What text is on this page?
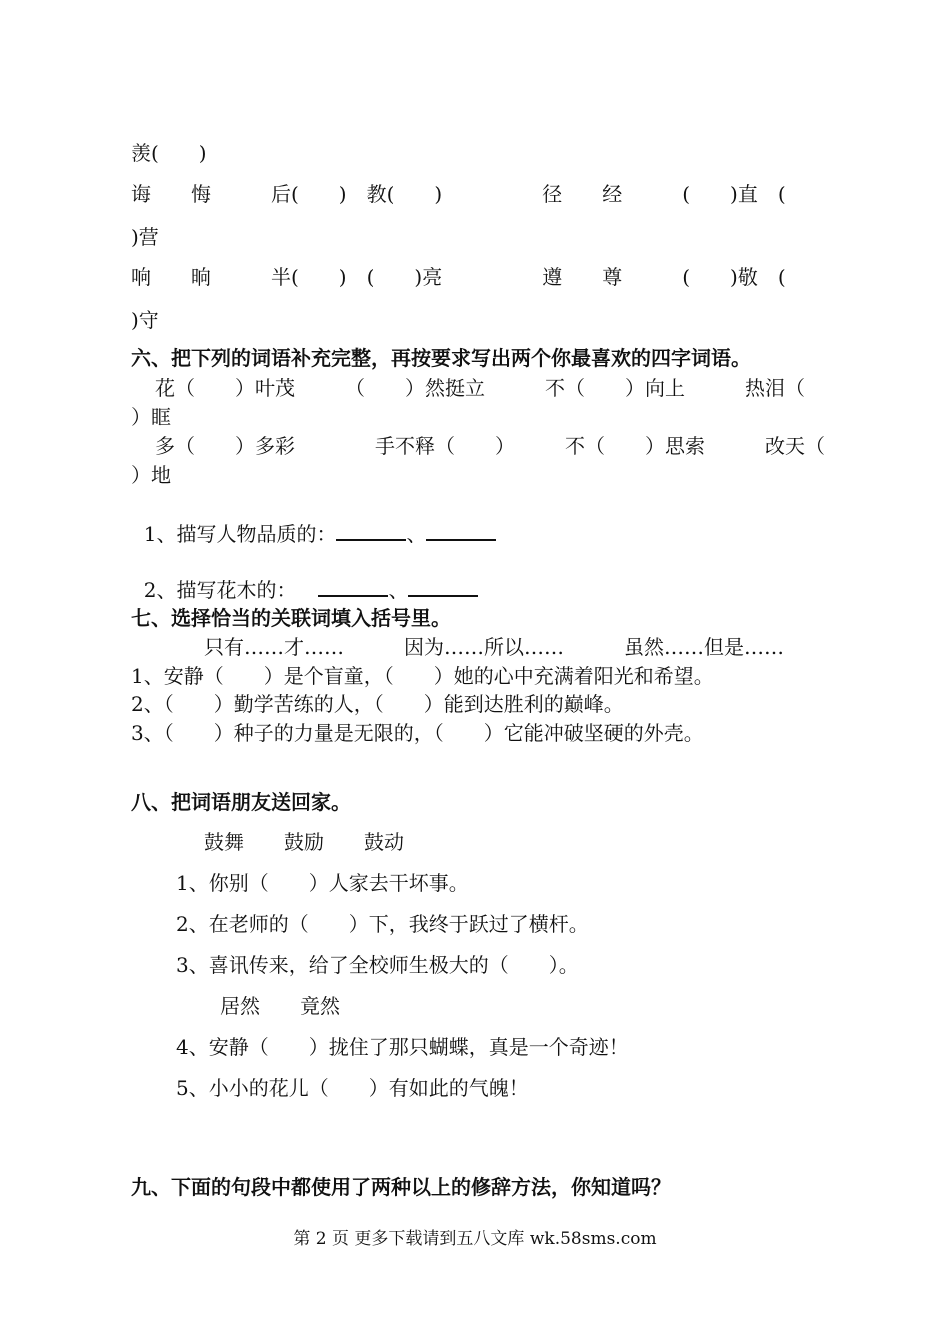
羡(　　)
诲　　悔　　　后(　　)　教(　　)　　　　　径　　经　　　(　　)直　(
)营
响　　晌　　　半(　　)　(　　)亮　　　　　遵　　尊　　　(　　)敬　(
)守
六、把下列的词语补充完整，再按要求写出两个你最喜欢的四字词语。
花（　　）叶茂　　　（　　）然挺立　　　不（　　）向上　　　热泪（
）眶
多（　　）多彩　　　　手不释（　　）　　　不（　　）思索　　　改天（
）地

1、描写人物品质的：	、

2、描写花木的：	、

七、选择恰当的关联词填入括号里。
只有……才……　　　因为……所以……　　　虽然……但是……
1、安静（　　）是个盲童，（　　）她的心中充满着阳光和希望。
2、（　　）勤学苦练的人，（　　）能到达胜利的巅峰。
3、（　　）种子的力量是无限的，（　　）它能冲破坚硬的外壳。
八、把词语朋友送回家。
鼓舞　　鼓励　　鼓动
1、你别（　　）人家去干坏事。
2、在老师的（　　）下，我终于跃过了横杆。
3、喜讯传来，给了全校师生极大的（　　）。
居然　　竟然
4、安静（　　）拢住了那只蝴蝶，真是一个奇迹！
5、小小的花儿（　　）有如此的气魄！
九、下面的句段中都使用了两种以上的修辞方法，你知道吗？
第 2 页 更多下载请到五八文库 wk.58sms.com
